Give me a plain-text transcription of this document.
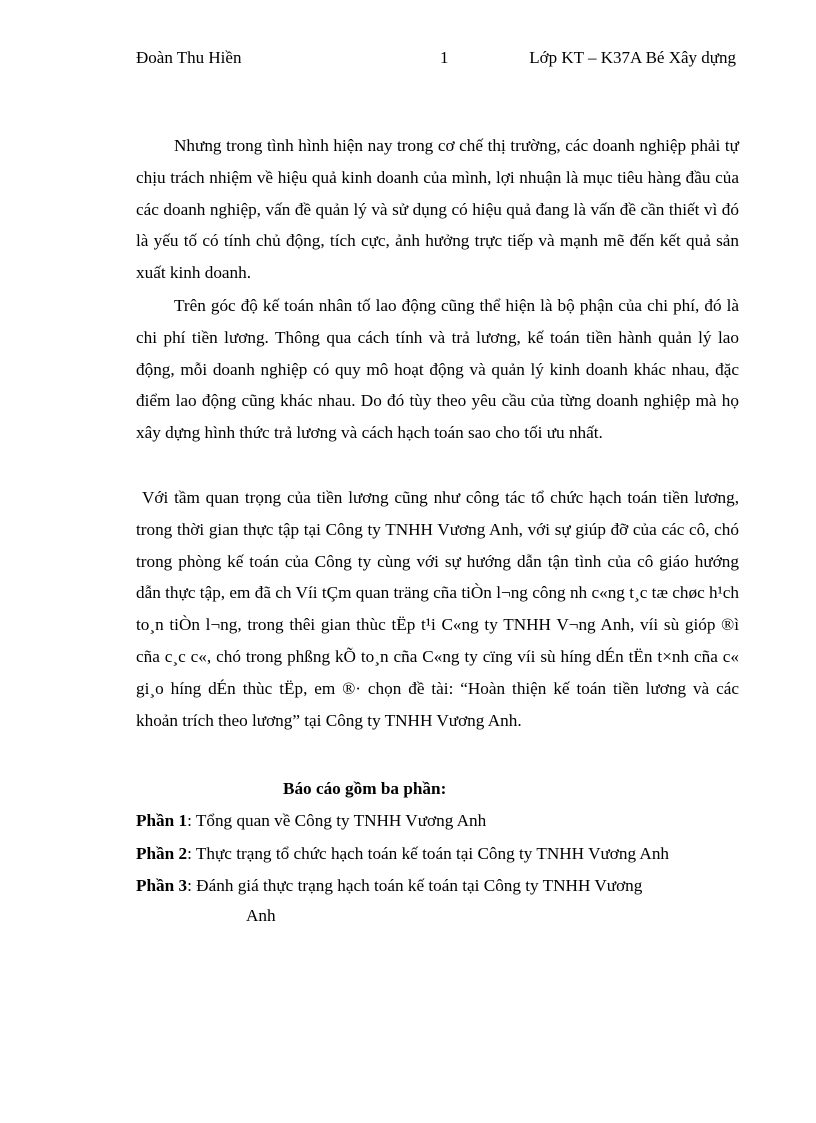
Đoàn Thu Hiền	1	Lớp KT – K37A Bé Xây dựng
Nhưng trong tình hình hiện nay trong cơ chế thị trường, các doanh nghiệp phải tự chịu trách nhiệm về hiệu quả kinh doanh của mình, lợi nhuận là mục tiêu hàng đầu của các doanh nghiệp, vấn đề quản lý và sử dụng có hiệu quả đang là vấn đề cần thiết vì đó là yếu tố có tính chủ động, tích cực, ảnh hưởng trực tiếp và mạnh mẽ đến kết quả sản xuất kinh doanh.
Trên góc độ kế toán nhân tố lao động cũng thể hiện là bộ phận của chi phí, đó là chi phí tiền lương. Thông qua cách tính và trả lương, kế toán tiền hành quản lý lao động, mỗi doanh nghiệp có quy mô hoạt động và quản lý kinh doanh khác nhau, đặc điểm lao động cũng khác nhau. Do đó tùy theo yêu cầu của từng doanh nghiệp mà họ xây dựng hình thức trả lương và cách hạch toán sao cho tối ưu nhất.
Với tầm quan trọng của tiền lương cũng như công tác tổ chức hạch toán tiền lương, trong thời gian thực tập tại Công ty TNHH Vương Anh, với sự giúp đỡ của các cô, chó trong phòng kế toán của Công ty cùng với sự hướng dẫn tận tình của cô giáo hướng dẫn thực tập, em đã ch Víi tÇm quan träng cña tiÒn l¬ng công nh c«ng t¸c tæ chøc h¹ch to¸n tiÒn l¬ng, trong thêi gian thùc tËp t¹i C«ng ty TNHH V¬ng Anh, víi sù gióp ®ì cña c¸c c«, chó trong phßng kÕ to¸n cña C«ng ty cïng víi sù híng dÉn tËn t×nh cña c« gi¸o híng dÉn thùc tËp, em ®· chọn đề tài: “Hoàn thiện kế toán tiền lương và các khoản trích theo lương” tại Công ty TNHH Vương Anh.
Báo cáo gồm ba phần:
Phần 1: Tổng quan về Công ty TNHH Vương Anh
Phần 2: Thực trạng tổ chức hạch toán kế toán tại Công ty TNHH Vương Anh
Phần 3: Đánh giá thực trạng hạch toán kế toán tại Công ty TNHH Vương
Anh
